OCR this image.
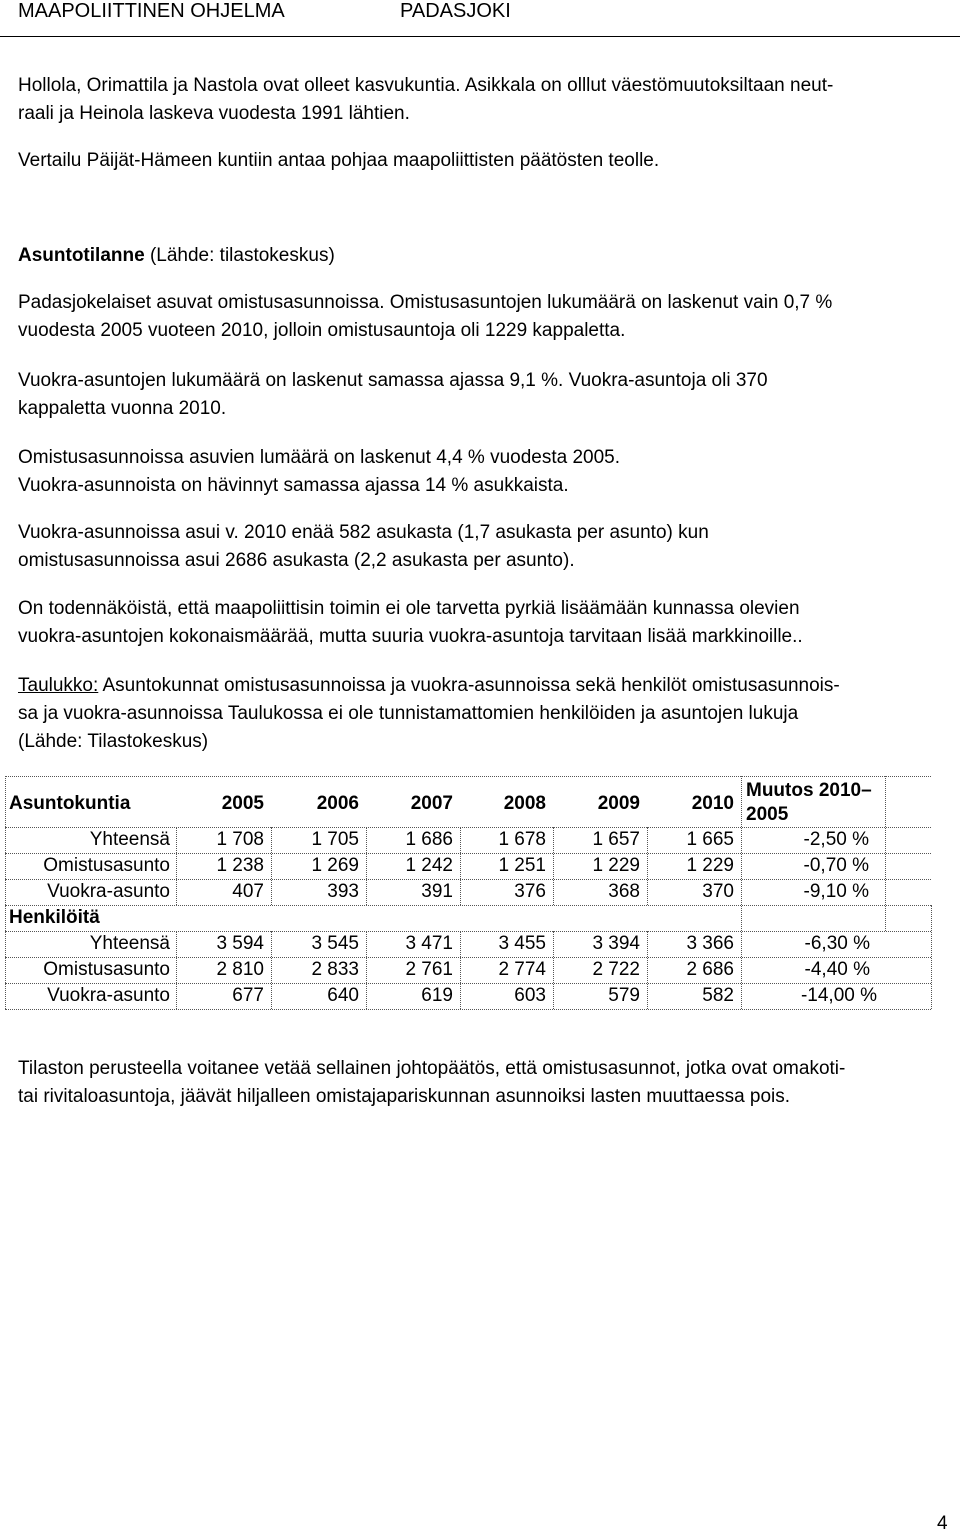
MAAPOLIITTINEN OHJELMA	PADASJOKI

Hollola, Orimattila ja Nastola ovat olleet kasvukuntia. Asikkala on olllut väestömuutoksiltaan neut-
raali ja Heinola laskeva vuodesta 1991 lähtien.

Vertailu Päijät-Hämeen kuntiin antaa pohjaa maapoliittisten päätösten teolle.

Asuntotilanne (Lähde: tilastokeskus)

Padasjokelaiset asuvat omistusasunnoissa. Omistusasuntojen lukumäärä on laskenut vain 0,7 %
vuodesta 2005 vuoteen 2010, jolloin omistusauntoja oli 1229 kappaletta.

Vuokra-asuntojen lukumäärä on laskenut samassa ajassa 9,1 %. Vuokra-asuntoja oli 370
kappaletta vuonna 2010.

Omistusasunnoissa asuvien lumäärä on laskenut 4,4 % vuodesta 2005.
Vuokra-asunnoista on hävinnyt samassa ajassa 14 % asukkaista.

Vuokra-asunnoissa asui v. 2010 enää 582 asukasta (1,7 asukasta per asunto) kun
omistusasunnoissa asui 2686 asukasta (2,2 asukasta per asunto).

On todennäköistä, että maapoliittisin toimin ei ole tarvetta pyrkiä lisäämään kunnassa olevien
vuokra-asuntojen kokonaismäärää, mutta suuria vuokra-asuntoja tarvitaan lisää markkinoille..

Taulukko: Asuntokunnat omistusasunnoissa ja vuokra-asunnoissa sekä henkilöt omistusasunnois-
sa ja vuokra-asunnoissa Taulukossa ei ole tunnistamattomien henkilöiden ja asuntojen lukuja
(Lähde: Tilastokeskus)

Asuntokuntia	2005	2006	2007	2008	2009	2010
Muutos 2010–
2005
Yhteensä	1 708	1 705	1 686	1 678	1 657	1 665	-2,50 %
Omistusasunto	1 238	1 269	1 242	1 251	1 229	1 229	-0,70 %
Vuokra-asunto	407	393	391	376	368	370	-9,10 %
Henkilöitä
Yhteensä	3 594	3 545	3 471	3 455	3 394	3 366	-6,30 %
Omistusasunto	2 810	2 833	2 761	2 774	2 722	2 686	-4,40 %
Vuokra-asunto	677	640	619	603	579	582	-14,00 %

Tilaston perusteella voitanee vetää sellainen johtopäätös, että omistusasunnot, jotka ovat omakoti-
tai rivitaloasuntoja, jäävät hiljalleen omistajapariskunnan asunnoiksi lasten muuttaessa pois.

4
